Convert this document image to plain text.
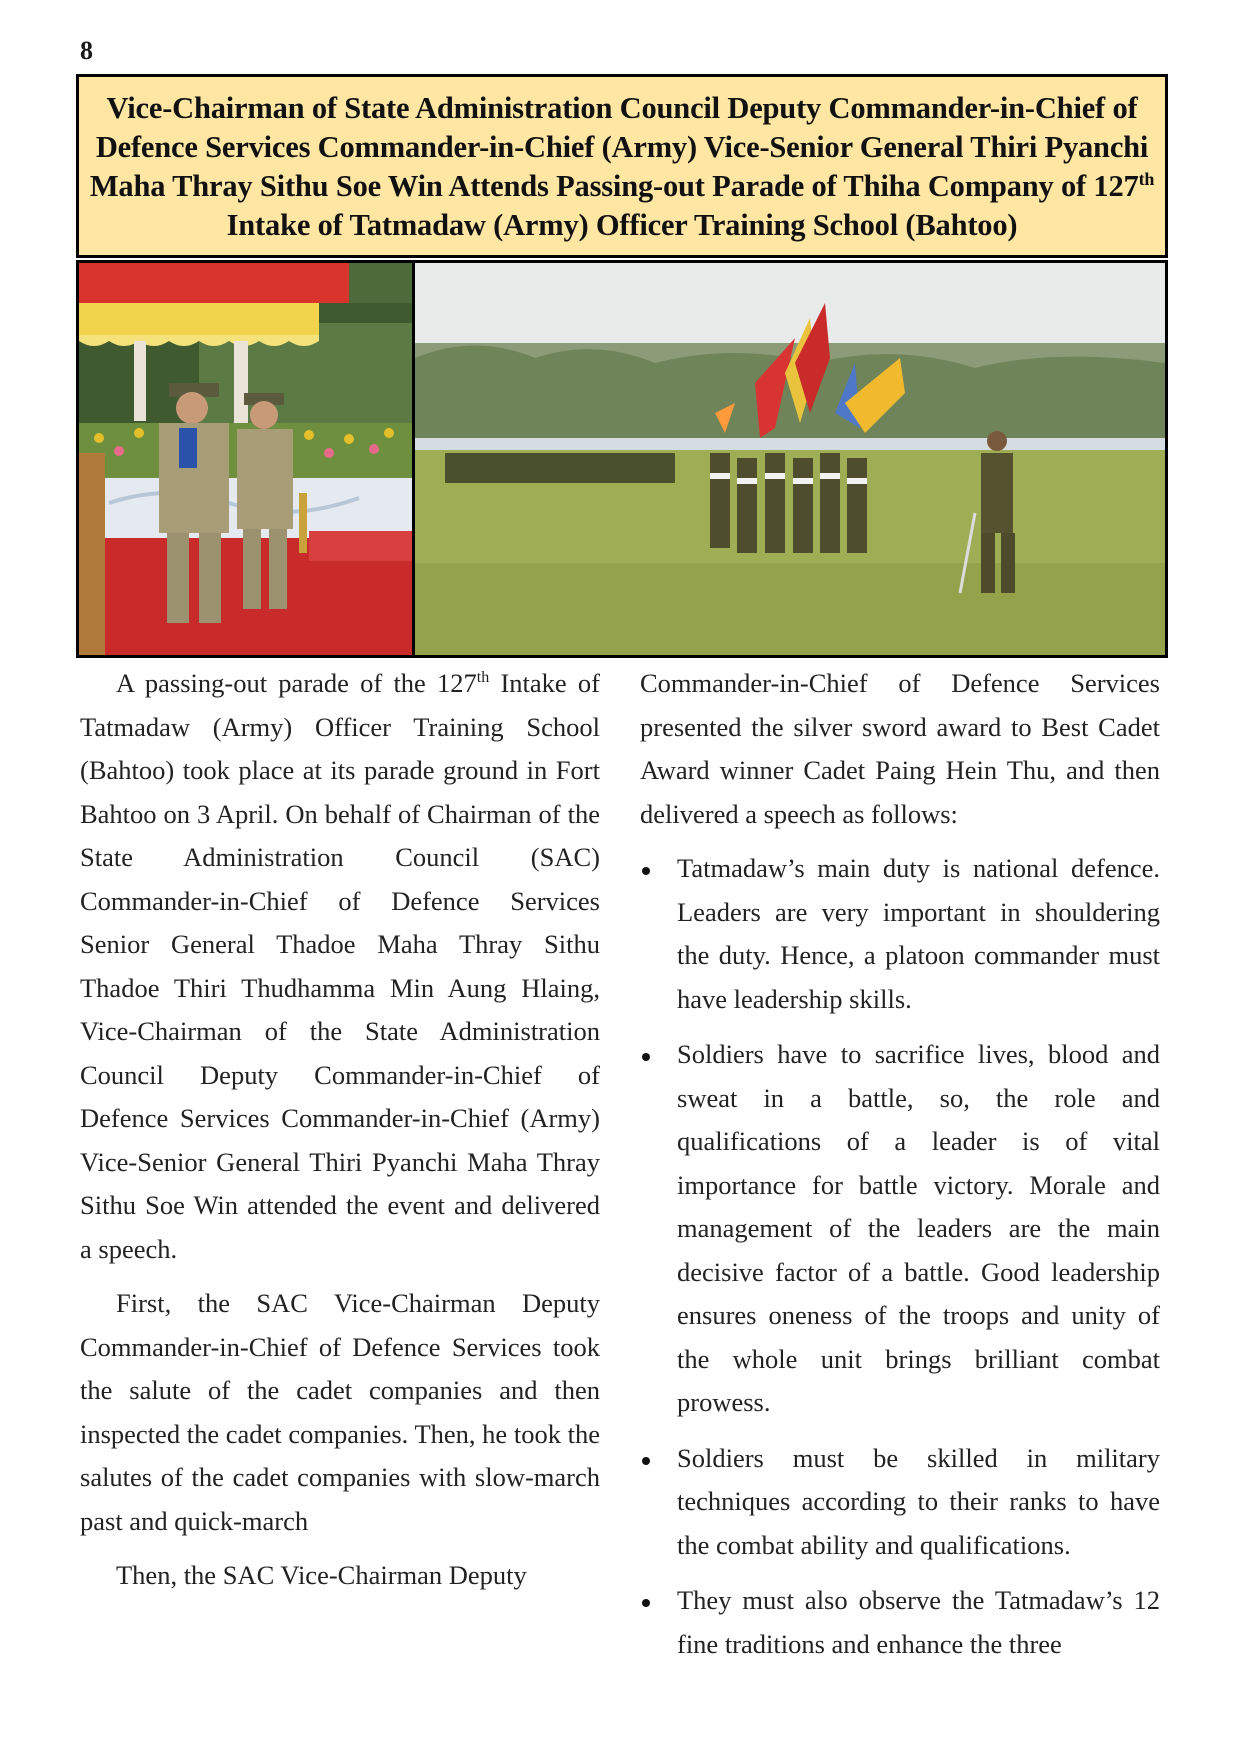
8
Vice-Chairman of State Administration Council Deputy Commander-in-Chief of Defence Services Commander-in-Chief (Army) Vice-Senior General Thiri Pyanchi Maha Thray Sithu Soe Win Attends Passing-out Parade of Thiha Company of 127th Intake of Tatmadaw (Army) Officer Training School (Bahtoo)

A passing-out parade of the 127th Intake of Tatmadaw (Army) Officer Training School (Bahtoo) took place at its parade ground in Fort Bahtoo on 3 April. On behalf of Chairman of the State Administration Council (SAC) Commander-in-Chief of Defence Services Senior General Thadoe Maha Thray Sithu Thadoe Thiri Thudhamma Min Aung Hlaing, Vice-Chairman of the State Administration Council Deputy Commander-in-Chief of Defence Services Commander-in-Chief (Army) Vice-Senior General Thiri Pyanchi Maha Thray Sithu Soe Win attended the event and delivered a speech.

First, the SAC Vice-Chairman Deputy Commander-in-Chief of Defence Services took the salute of the cadet companies and then inspected the cadet companies. Then, he took the salutes of the cadet companies with slow-march past and quick-march

Then, the SAC Vice-Chairman Deputy

Commander-in-Chief of Defence Services presented the silver sword award to Best Cadet Award winner Cadet Paing Hein Thu, and then delivered a speech as follows:

Tatmadaw’s main duty is national defence. Leaders are very important in shouldering the duty. Hence, a platoon commander must have leadership skills.
Soldiers have to sacrifice lives, blood and sweat in a battle, so, the role and qualifications of a leader is of vital importance for battle victory. Morale and management of the leaders are the main decisive factor of a battle. Good leadership ensures oneness of the troops and unity of the whole unit brings brilliant combat prowess.
Soldiers must be skilled in military techniques according to their ranks to have the combat ability and qualifications.
They must also observe the Tatmadaw’s 12 fine traditions and enhance the three
